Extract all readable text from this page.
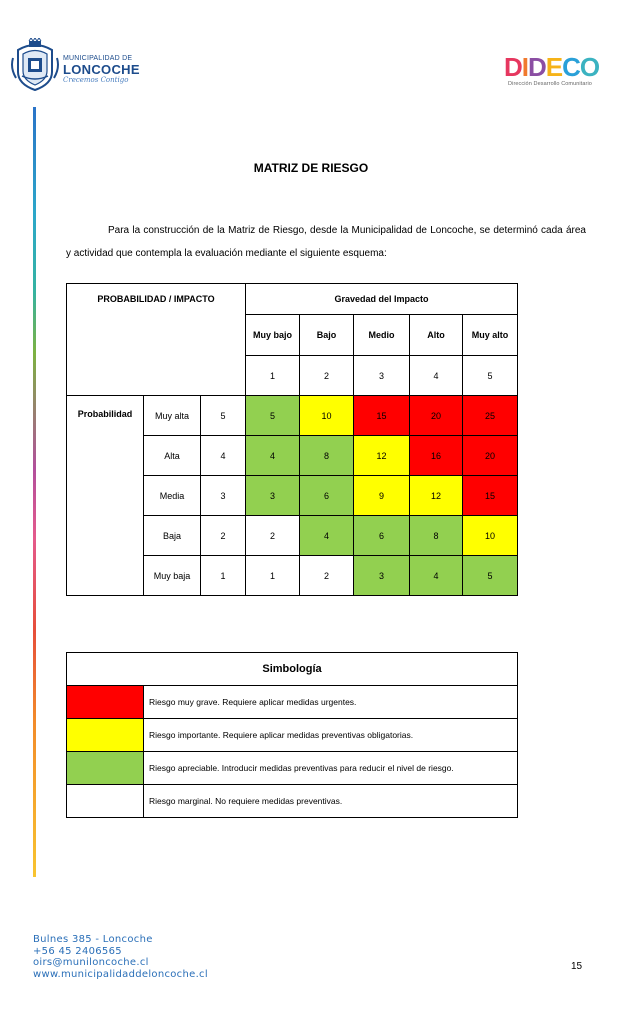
MUNICIPALIDAD DE
LONCOCHE
Crecemos Contigo	DIDECO
Dirección Desarrollo Comunitario
MATRIZ DE RIESGO
Para la construcción de la Matriz de Riesgo, desde la Municipalidad de Loncoche, se determinó cada área y actividad que contempla la evaluación mediante el siguiente esquema:
PROBABILIDAD / IMPACTO			Gravedad del Impacto				
			Muy bajo	Bajo	Medio	Alto	Muy alto
			1	2	3	4	5
Probabilidad	Muy alta	5	5	10	15	20	25
	Alta	4	4	8	12	16	20
	Media	3	3	6	9	12	15
	Baja	2	2	4	6	8	10
	Muy baja	1	1	2	3	4	5
Simbología	
	Riesgo muy grave. Requiere aplicar medidas urgentes.
	Riesgo importante. Requiere aplicar medidas preventivas obligatorias.
	Riesgo apreciable. Introducir medidas preventivas para reducir el nivel de riesgo.
	Riesgo marginal. No requiere medidas preventivas.
Bulnes 385 - Loncoche
+56 45 2406565
oirs@muniloncoche.cl
www.municipalidaddeloncoche.cl
15
